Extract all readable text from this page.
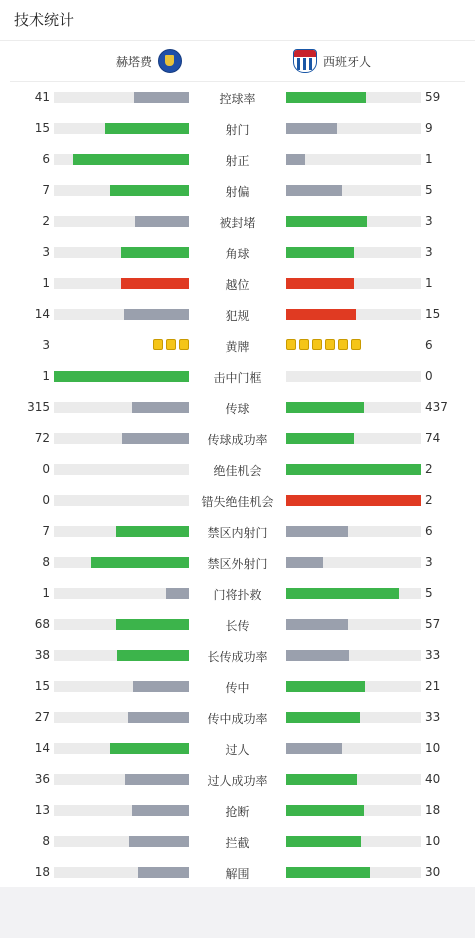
技术统计
赫塔费	西班牙人
41	控球率	59
15	射门	9
6	射正	1
7	射偏	5
2	被封堵	3
3	角球	3
1	越位	1
14	犯规	15
3	黄牌	6
1	击中门框	0
315	传球	437
72	传球成功率	74
0	绝佳机会	2
0	错失绝佳机会	2
7	禁区内射门	6
8	禁区外射门	3
1	门将扑救	5
68	长传	57
38	长传成功率	33
15	传中	21
27	传中成功率	33
14	过人	10
36	过人成功率	40
13	抢断	18
8	拦截	10
18	解围	30
